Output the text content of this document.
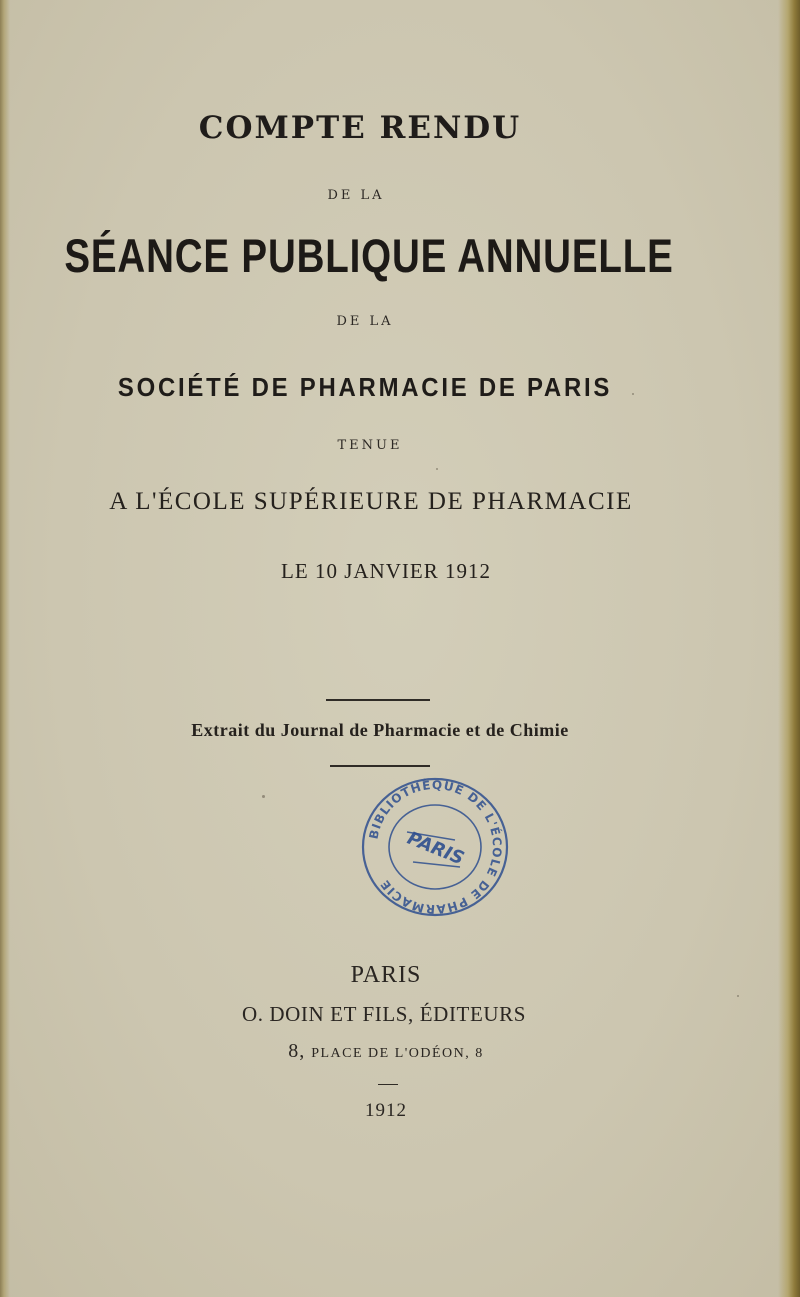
COMPTE RENDU
DE LA
SÉANCE PUBLIQUE ANNUELLE
DE LA
SOCIÉTÉ DE PHARMACIE DE PARIS
TENUE
A L'ÉCOLE SUPÉRIEURE DE PHARMACIE
LE 10 JANVIER 1912
Extrait du Journal de Pharmacie et de Chimie
BIBLIOTHÈQUE DE L'ÉCOLE DE PHARMACIE
PARIS
PARIS
O. DOIN ET FILS, ÉDITEURS
8, PLACE DE L'ODÉON, 8
1912
